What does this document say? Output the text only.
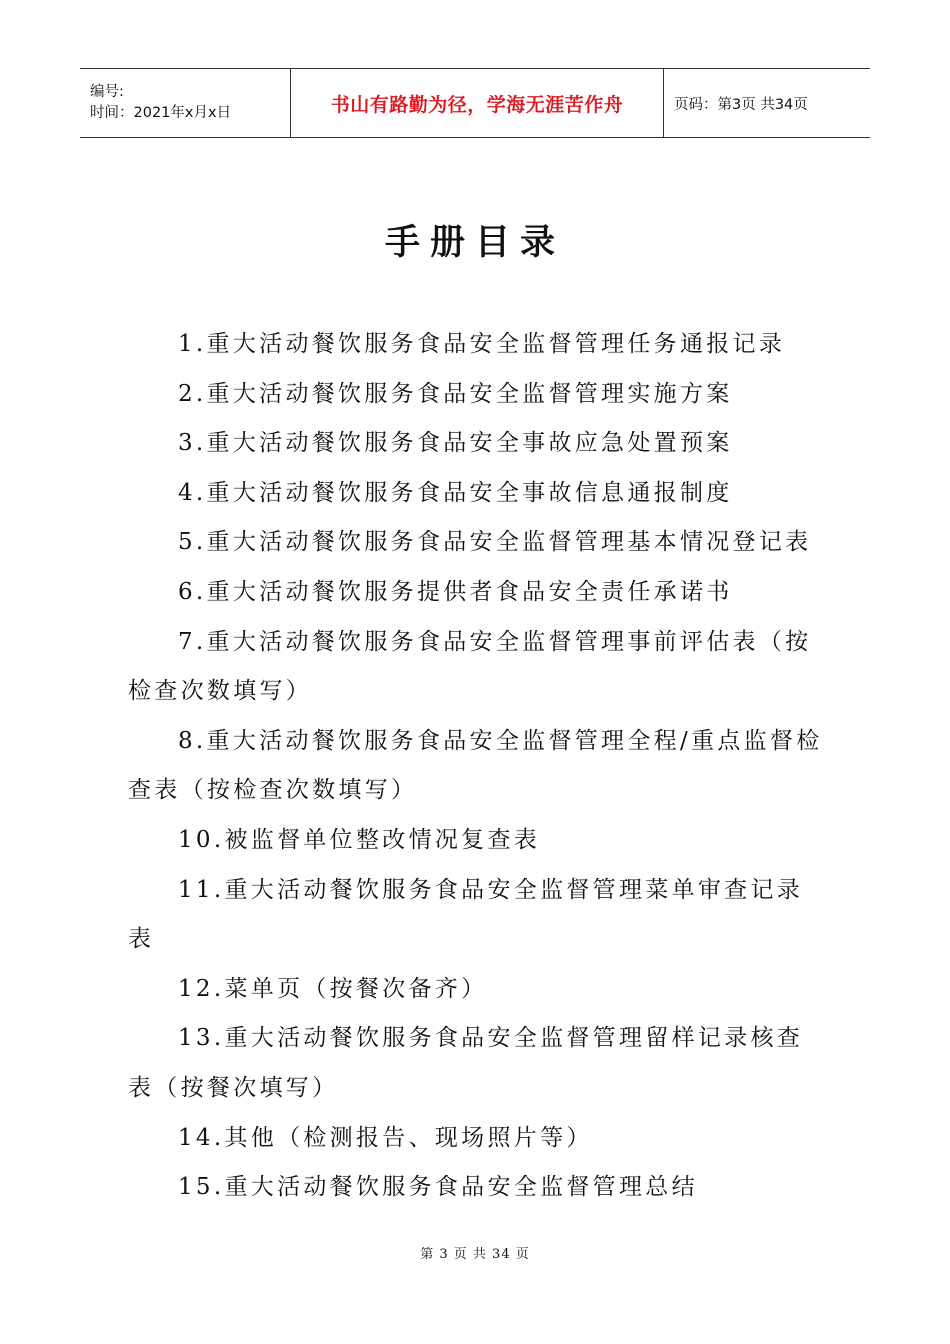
编号:
时间：2021年x月x日	书山有路勤为径，学海无涯苦作舟	页码：第3页 共34页
手册目录

1.重大活动餐饮服务食品安全监督管理任务通报记录

2.重大活动餐饮服务食品安全监督管理实施方案

3.重大活动餐饮服务食品安全事故应急处置预案

4.重大活动餐饮服务食品安全事故信息通报制度

5.重大活动餐饮服务食品安全监督管理基本情况登记表

6.重大活动餐饮服务提供者食品安全责任承诺书

7.重大活动餐饮服务食品安全监督管理事前评估表（按检查次数填写）

8.重大活动餐饮服务食品安全监督管理全程/重点监督检查表（按检查次数填写）

10.被监督单位整改情况复查表

11.重大活动餐饮服务食品安全监督管理菜单审查记录表

12.菜单页（按餐次备齐）

13.重大活动餐饮服务食品安全监督管理留样记录核查表（按餐次填写）

14.其他（检测报告、现场照片等）

15.重大活动餐饮服务食品安全监督管理总结

第 3 页 共 34 页
